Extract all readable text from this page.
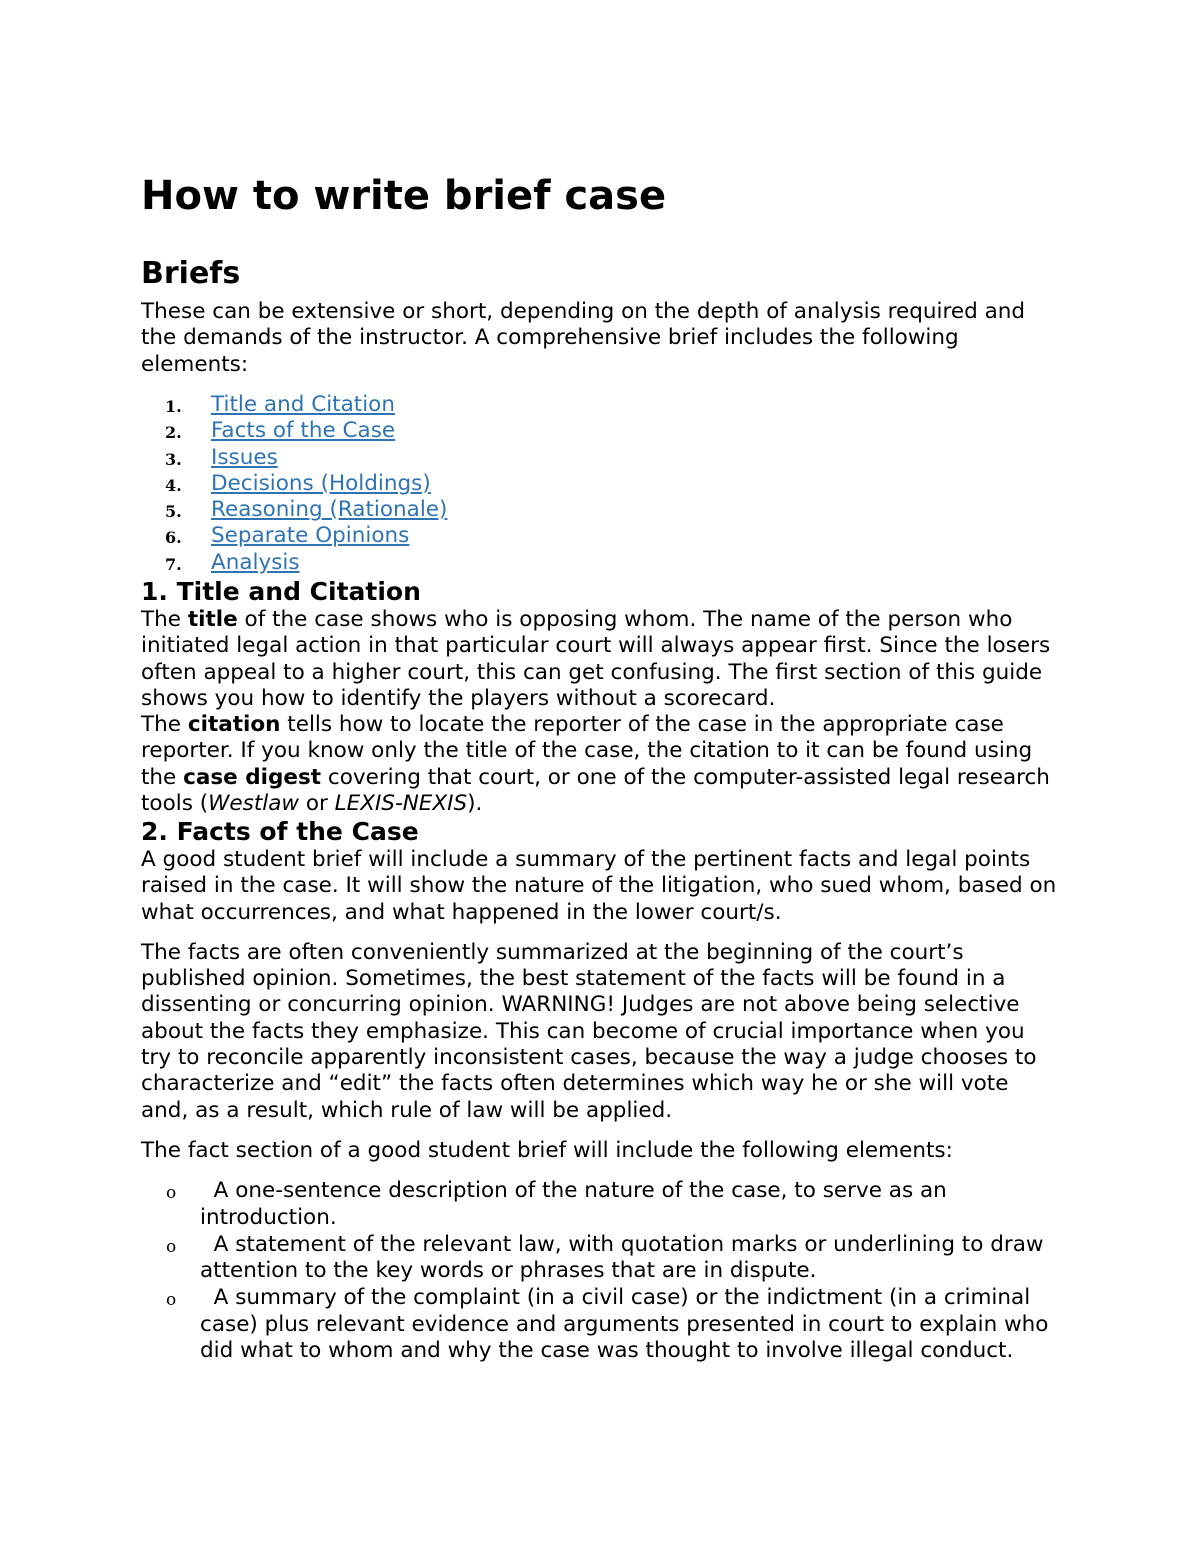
How to write brief case
Briefs

These can be extensive or short, depending on the depth of analysis required and the demands of the instructor. A comprehensive brief includes the following elements:

1. Title and Citation
2. Facts of the Case
3. Issues
4. Decisions (Holdings)
5. Reasoning (Rationale)
6. Separate Opinions
7. Analysis
1. Title and Citation

The title of the case shows who is opposing whom. The name of the person who initiated legal action in that particular court will always appear first. Since the losers often appeal to a higher court, this can get confusing. The first section of this guide shows you how to identify the players without a scorecard.

The citation tells how to locate the reporter of the case in the appropriate case reporter. If you know only the title of the case, the citation to it can be found using the case digest covering that court, or one of the computer-assisted legal research tools (Westlaw or LEXIS-NEXIS).

2. Facts of the Case

A good student brief will include a summary of the pertinent facts and legal points raised in the case. It will show the nature of the litigation, who sued whom, based on what occurrences, and what happened in the lower court/s.

The facts are often conveniently summarized at the beginning of the court’s published opinion. Sometimes, the best statement of the facts will be found in a dissenting or concurring opinion. WARNING! Judges are not above being selective about the facts they emphasize. This can become of crucial importance when you try to reconcile apparently inconsistent cases, because the way a judge chooses to characterize and “edit” the facts often determines which way he or she will vote and, as a result, which rule of law will be applied.

The fact section of a good student brief will include the following elements:

o A one-sentence description of the nature of the case, to serve as an introduction.
o A statement of the relevant law, with quotation marks or underlining to draw attention to the key words or phrases that are in dispute.
o A summary of the complaint (in a civil case) or the indictment (in a criminal case) plus relevant evidence and arguments presented in court to explain who did what to whom and why the case was thought to involve illegal conduct.
